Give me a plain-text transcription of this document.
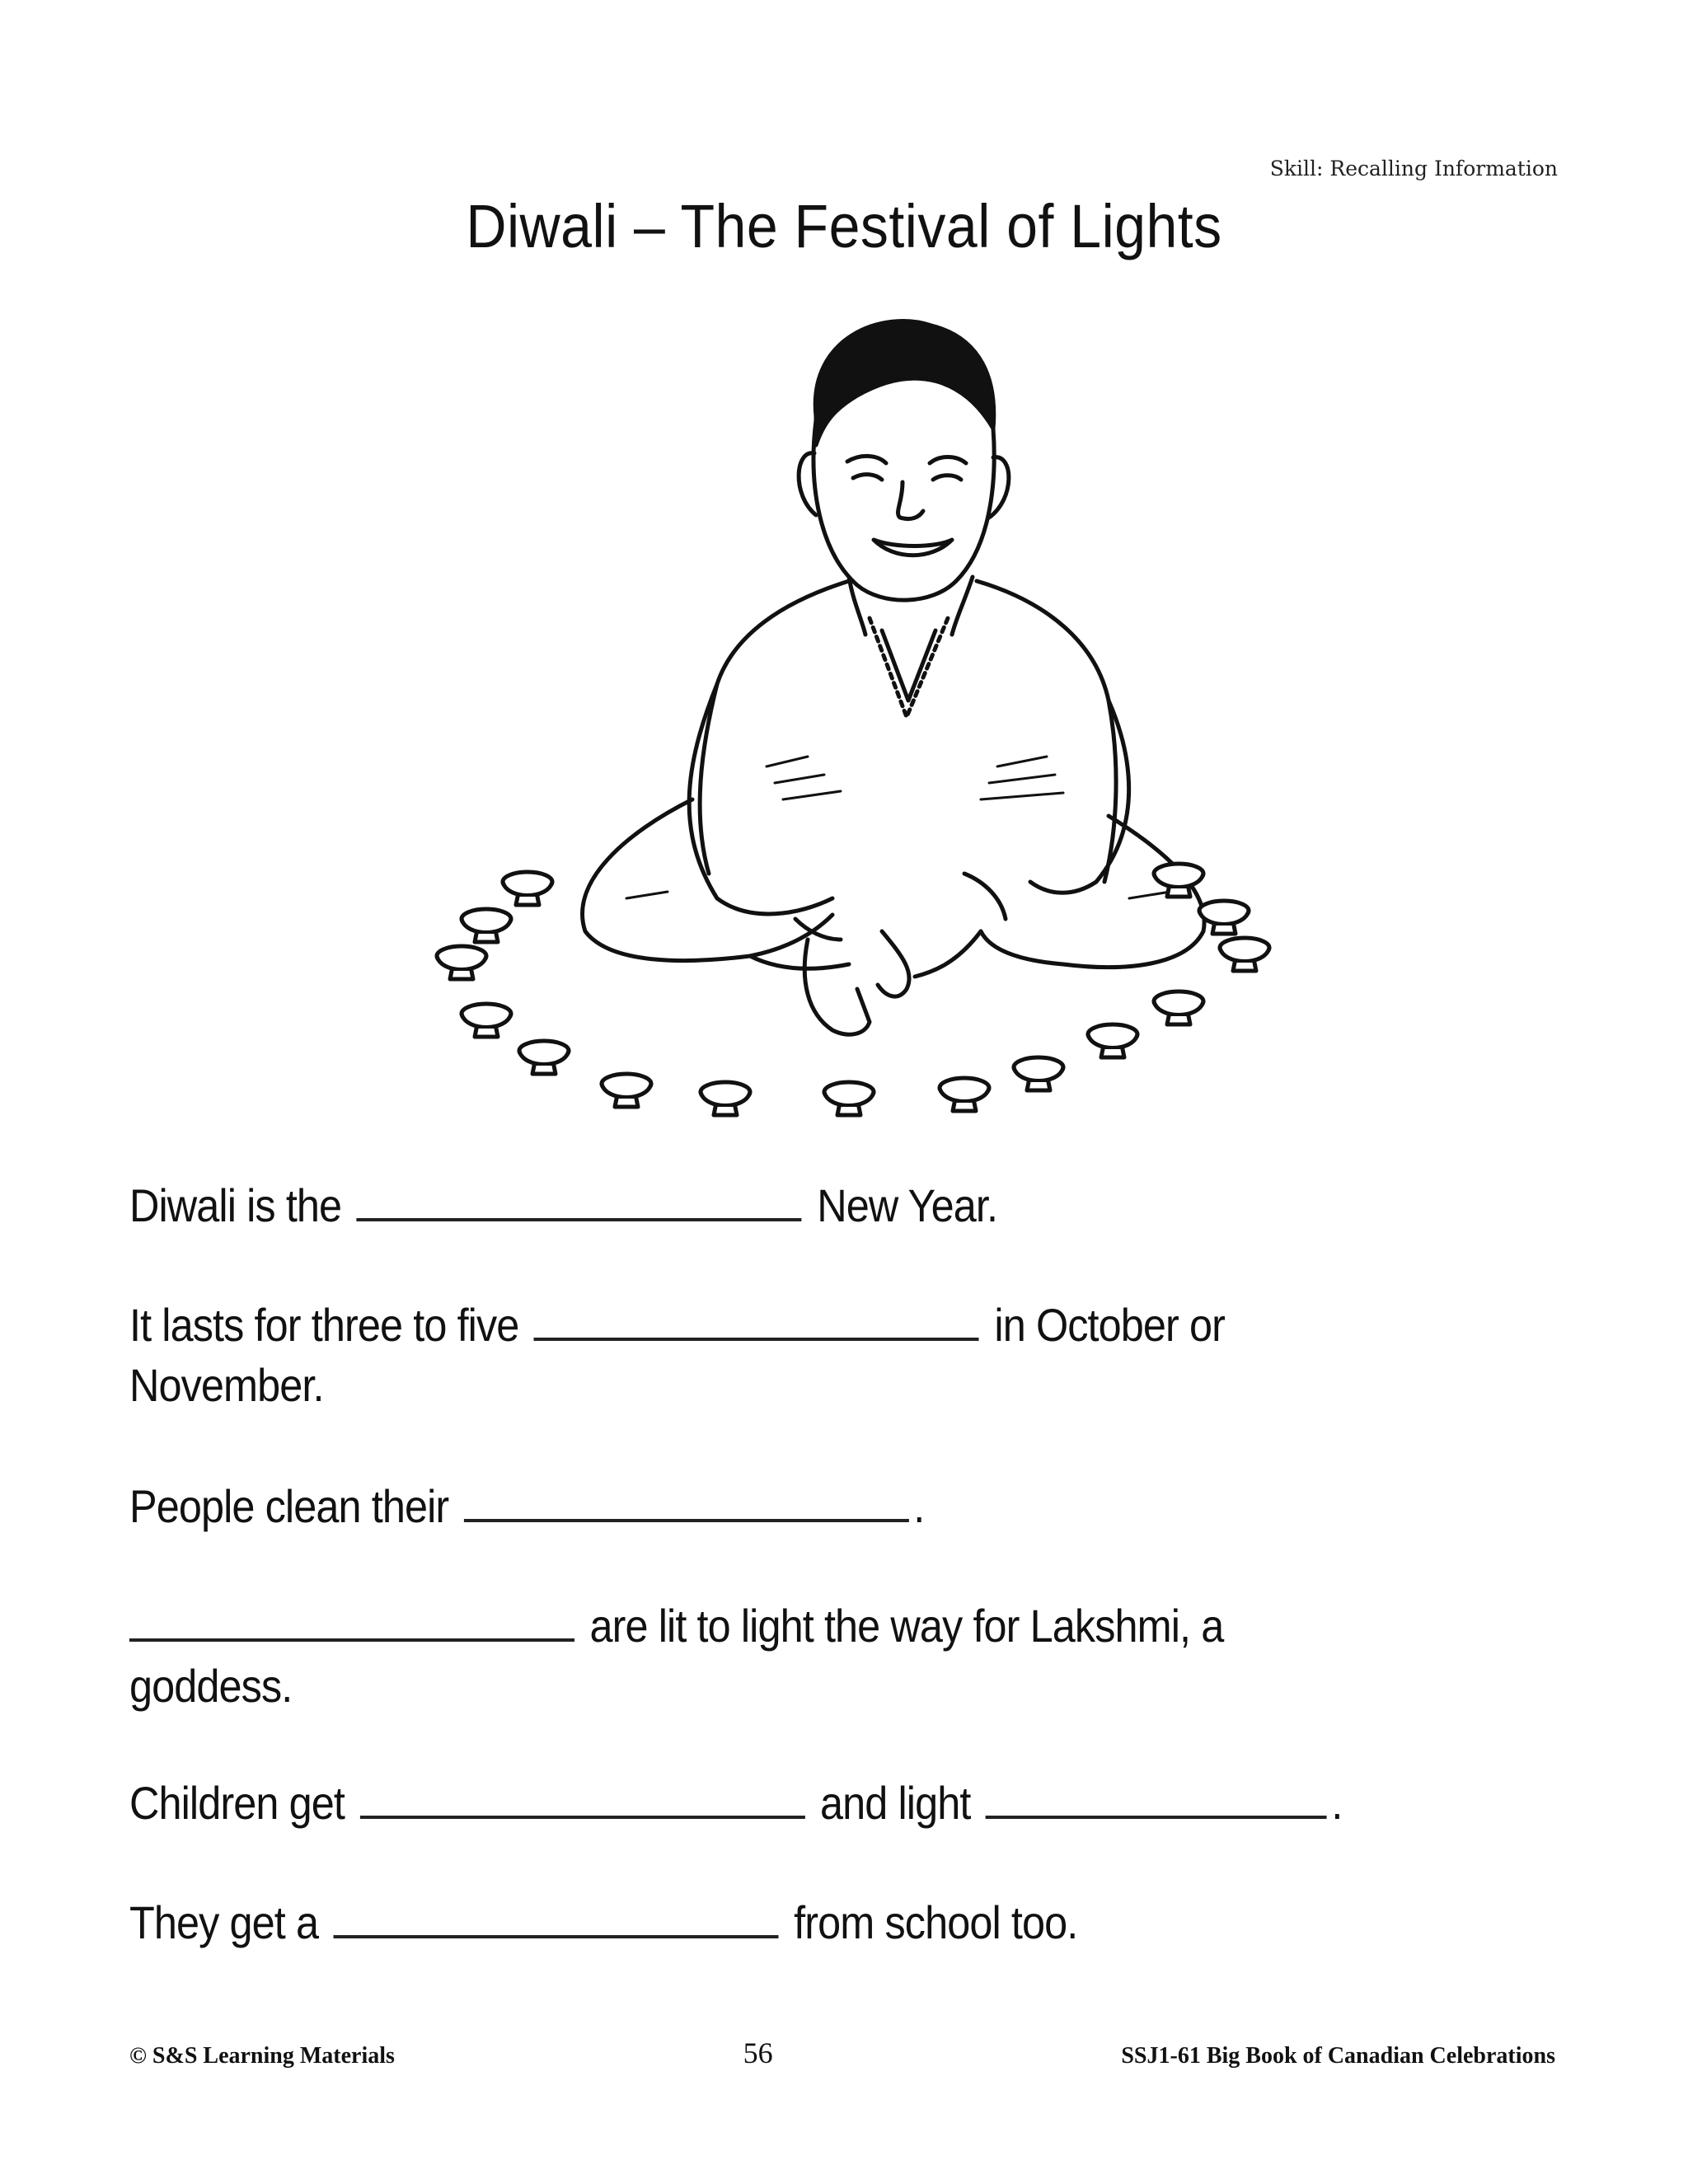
Skill: Recalling Information
Diwali – The Festival of Lights
Diwali is the	New Year.
It lasts for three to five	in October or
November.
People clean their	.
are lit to light the way for Lakshmi, a
goddess.
Children get	and light	.
They get a	from school too.
© S&S Learning Materials	56	SSJ1-61 Big Book of Canadian Celebrations
